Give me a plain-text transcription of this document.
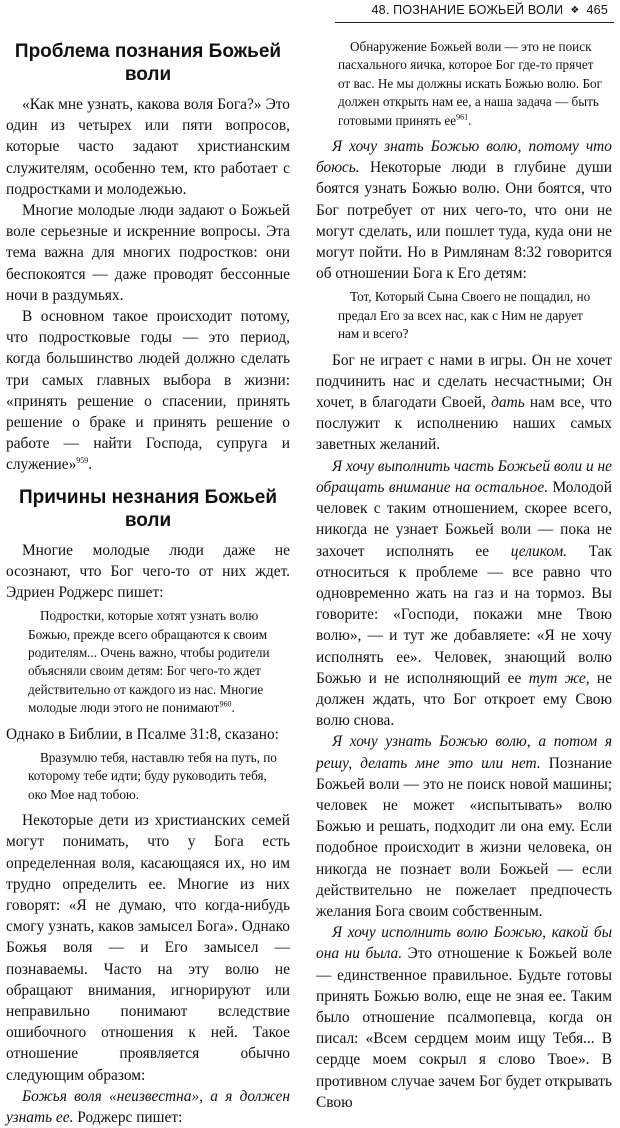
48. ПОЗНАНИЕ БОЖЬЕЙ ВОЛИ ❖ 465
Проблема познания Божьей воли

«Как мне узнать, какова воля Бога?» Это один из четырех или пяти вопросов, которые часто задают христианским служителям, особенно тем, кто работает с подростками и молодежью.

Многие молодые люди задают о Божьей воле серьезные и искренние вопросы. Эта тема важна для многих подростков: они беспокоятся — даже проводят бессонные ночи в раздумьях.

В основном такое происходит потому, что подростковые годы — это период, когда большинство людей должно сделать три самых главных выбора в жизни: «принять решение о спасении, принять решение о браке и принять решение о работе — найти Господа, супруга и служение»$^{959}$.

Причины незнания Божьей воли

Многие молодые люди даже не осознают, что Бог чего-то от них ждет. Эдриен Роджерс пишет:

Подростки, которые хотят узнать волю Божью, прежде всего обращаются к своим родителям... Очень важно, чтобы родители объясняли своим детям: Бог чего-то ждет действительно от каждого из нас. Многие молодые люди этого не понимают$^{960}$.

Однако в Библии, в Псалме 31:8, сказано:

Вразумлю тебя, наставлю тебя на путь, по которому тебе идти; буду руководить тебя, око Мое над тобою.

Некоторые дети из христианских семей могут понимать, что у Бога есть определенная воля, касающаяся их, но им трудно определить ее. Многие из них говорят: «Я не думаю, что когда-нибудь смогу узнать, каков замысел Бога». Однако Божья воля — и Его замысел — познаваемы. Часто на эту волю не обращают внимания, игнорируют или неправильно понимают вследствие ошибочного отношения к ней. Такое отношение проявляется обычно следующим образом:

Божья воля «неизвестна», а я должен узнать ее. Роджерс пишет:

Обнаружение Божьей воли — это не поиск пасхального яичка, которое Бог где-то прячет от вас. Не мы должны искать Божью волю. Бог должен открыть нам ее, а наша задача — быть готовыми принять $ее^{961}$.

Я хочу знать Божью волю, потому что боюсь. Некоторые люди в глубине души боятся узнать Божью волю. Они боятся, что Бог потребует от них чего-то, что они не могут сделать, или пошлет туда, куда они не могут пойти. Но в Римлянам 8:32 говорится об отношении Бога к Его детям:

Тот, Который Сына Своего не пощадил, но предал Его за всех нас, как с Ним не дарует нам и всего?

Бог не играет с нами в игры. Он не хочет подчинить нас и сделать несчастными; Он хочет, в благодати Своей, дать нам все, что послужит к исполнению наших самых заветных желаний.

Я хочу выполнить часть Божьей воли и не обращать внимание на остальное. Молодой человек с таким отношением, скорее всего, никогда не узнает Божьей воли — пока не захочет исполнять ее целиком. Так относиться к проблеме — все равно что одновременно жать на газ и на тормоз. Вы говорите: «Господи, покажи мне Твою волю», — и тут же добавляете: «Я не хочу исполнять ее». Человек, знающий волю Божью и не исполняющий ее тут же, не должен ждать, что Бог откроет ему Свою волю снова.

Я хочу узнать Божью волю, а потом я решу, делать мне это или нет. Познание Божьей воли — это не поиск новой машины; человек не может «испытывать» волю Божью и решать, подходит ли она ему. Если подобное происходит в жизни человека, он никогда не познает воли Божьей — если действительно не пожелает предпочесть желания Бога своим собственным.

Я хочу исполнить волю Божью, какой бы она ни была. Это отношение к Божьей воле — единственное правильное. Будьте готовы принять Божью волю, еще не зная ее. Таким было отношение псалмопевца, когда он писал: «Всем сердцем моим ищу Тебя... В сердце моем сокрыл я слово Твое». В противном случае зачем Бог будет открывать Свою
